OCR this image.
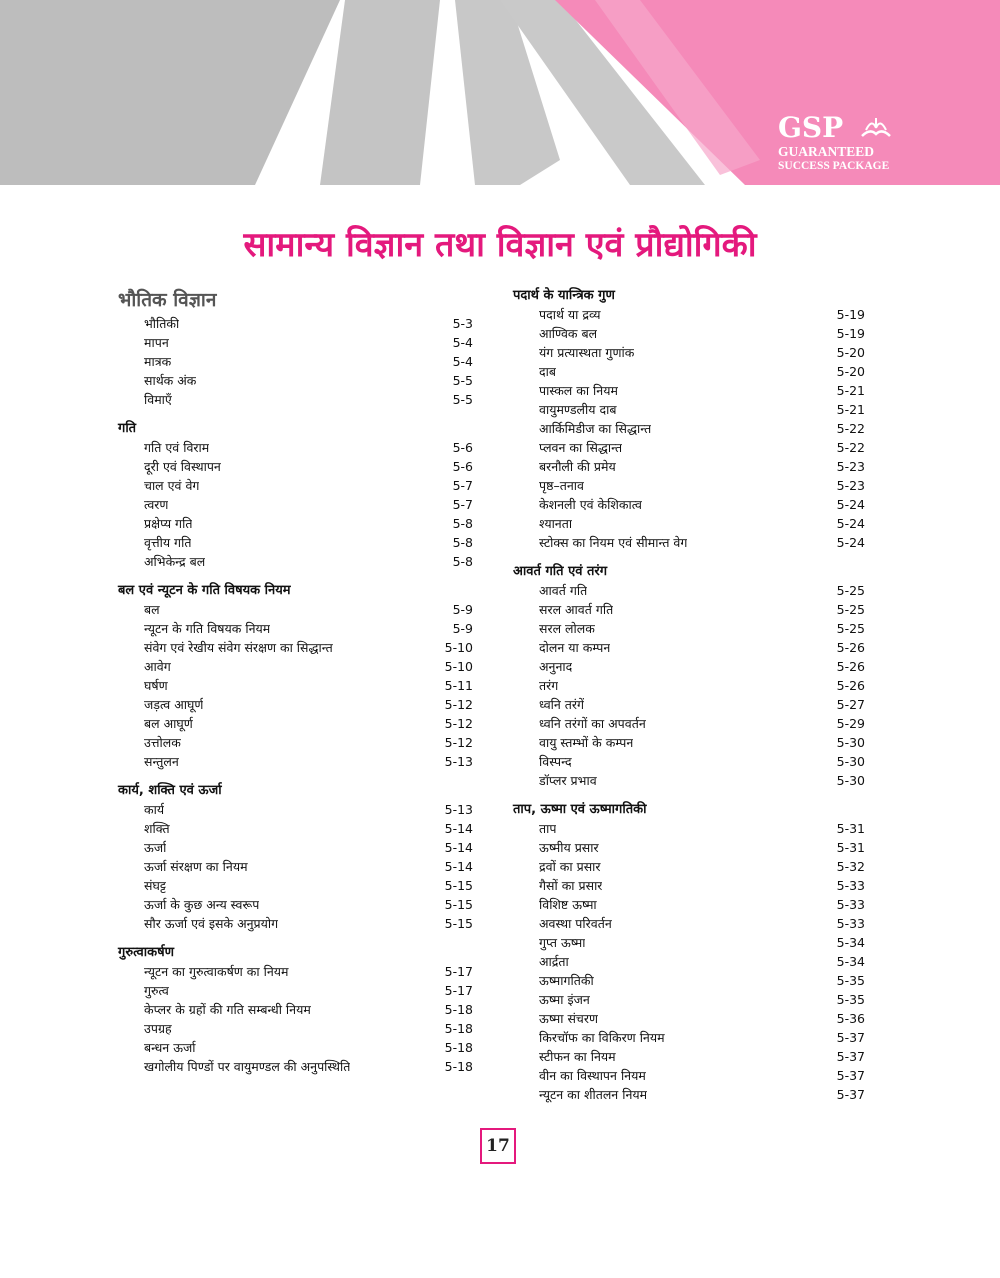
GSP
GUARANTEED
SUCCESS PACKAGE
सामान्य विज्ञान तथा विज्ञान एवं प्रौद्योगिकी
भौतिक विज्ञान
भौतिकी	5-3
मापन	5-4
मात्रक	5-4
सार्थक अंक	5-5
विमाएँ	5-5
गति
गति एवं विराम	5-6
दूरी एवं विस्थापन	5-6
चाल एवं वेग	5-7
त्वरण	5-7
प्रक्षेप्य गति	5-8
वृत्तीय गति	5-8
अभिकेन्द्र बल	5-8
बल एवं न्यूटन के गति विषयक नियम
बल	5-9
न्यूटन के गति विषयक नियम	5-9
संवेग एवं रेखीय संवेग संरक्षण का सिद्धान्त	5-10
आवेग	5-10
घर्षण	5-11
जड़त्व आघूर्ण	5-12
बल आघूर्ण	5-12
उत्तोलक	5-12
सन्तुलन	5-13
कार्य, शक्ति एवं ऊर्जा
कार्य	5-13
शक्ति	5-14
ऊर्जा	5-14
ऊर्जा संरक्षण का नियम	5-14
संघट्ट	5-15
ऊर्जा के कुछ अन्य स्वरूप	5-15
सौर ऊर्जा एवं इसके अनुप्रयोग	5-15
गुरुत्वाकर्षण
न्यूटन का गुरुत्वाकर्षण का नियम	5-17
गुरुत्व	5-17
केप्लर के ग्रहों की गति सम्बन्धी नियम	5-18
उपग्रह	5-18
बन्धन ऊर्जा	5-18
खगोलीय पिण्डों पर वायुमण्डल की अनुपस्थिति	5-18
पदार्थ के यान्त्रिक गुण
पदार्थ या द्रव्य	5-19
आण्विक बल	5-19
यंग प्रत्यास्थता गुणांक	5-20
दाब	5-20
पास्कल का नियम	5-21
वायुमण्डलीय दाब	5-21
आर्किमिडीज का सिद्धान्त	5-22
प्लवन का सिद्धान्त	5-22
बरनौली की प्रमेय	5-23
पृष्ठ–तनाव	5-23
केशनली एवं केशिकात्व	5-24
श्यानता	5-24
स्टोक्स का नियम एवं सीमान्त वेग	5-24
आवर्त गति एवं तरंग
आवर्त गति	5-25
सरल आवर्त गति	5-25
सरल लोलक	5-25
दोलन या कम्पन	5-26
अनुनाद	5-26
तरंग	5-26
ध्वनि तरंगें	5-27
ध्वनि तरंगों का अपवर्तन	5-29
वायु स्तम्भों के कम्पन	5-30
विस्पन्द	5-30
डॉप्लर प्रभाव	5-30
ताप, ऊष्मा एवं ऊष्मागतिकी
ताप	5-31
ऊष्मीय प्रसार	5-31
द्रवों का प्रसार	5-32
गैसों का प्रसार	5-33
विशिष्ट ऊष्मा	5-33
अवस्था परिवर्तन	5-33
गुप्त ऊष्मा	5-34
आर्द्रता	5-34
ऊष्मागतिकी	5-35
ऊष्मा इंजन	5-35
ऊष्मा संचरण	5-36
किरचॉफ का विकिरण नियम	5-37
स्टीफन का नियम	5-37
वीन का विस्थापन नियम	5-37
न्यूटन का शीतलन नियम	5-37
17
